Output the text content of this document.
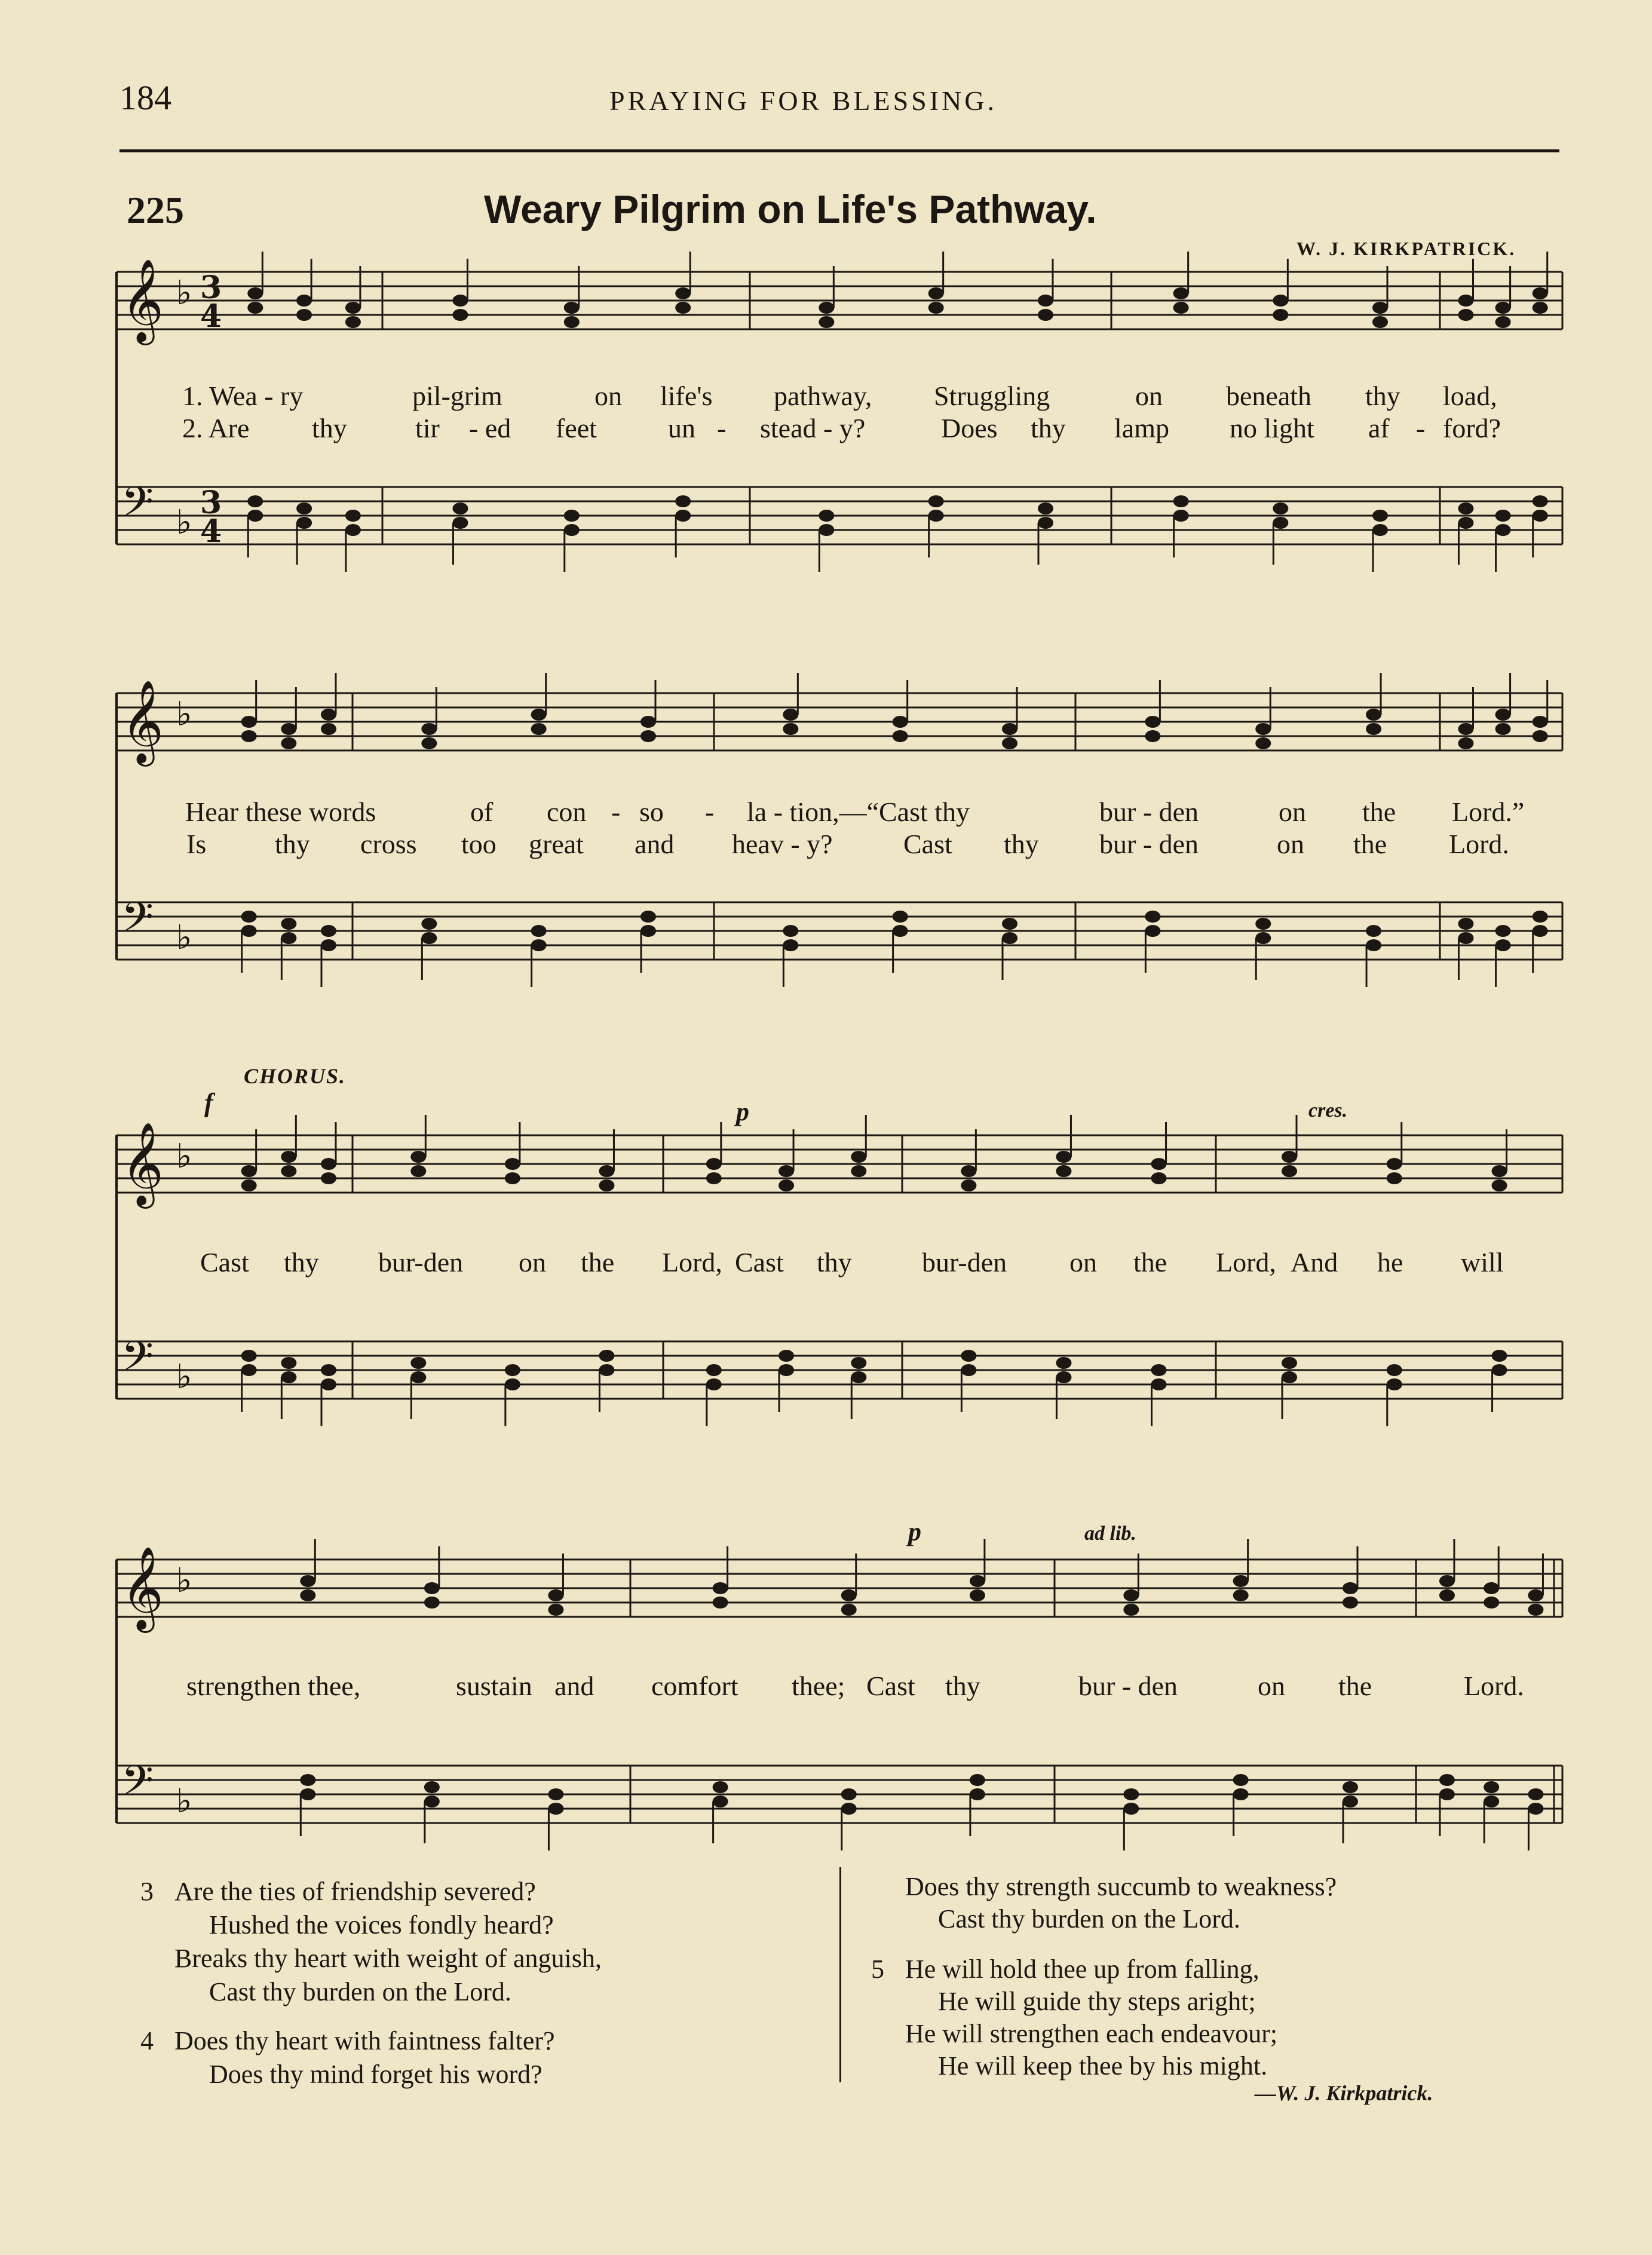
184	PRAYING FOR BLESSING.
225	Weary Pilgrim on Life's Pathway.
W. J. KIRKPATRICK.
𝄞 ♭
𝄢 ♭
3
4
3
4
𝄞 ♭
𝄢 ♭
𝄞 ♭
𝄢 ♭
𝄞 ♭
𝄢 ♭
1. Wea - ry	pil-grim	on life's pathway, Struggling	on beneath thy load,
2. Are thy tir - ed feet	un - stead - y?	Does thy lamp no light af - ford?
Hear these words	of con - so - la - tion,—“Cast thy	bur - den	on the Lord.”
Is thy cross too great and heav - y?	Cast thy bur - den	on the Lord.
CHORUS.
f	p	cres.
p	ad lib.
Cast thy bur-den on the Lord, Cast thy	bur-den on the Lord, And he will
strengthen thee,	sustain and comfort thee; Cast thy	bur - den	on the	Lord.
3 Are the ties of friendship severed?
Hushed the voices fondly heard?
Breaks thy heart with weight of anguish,
Cast thy burden on the Lord.
4 Does thy heart with faintness falter?
Does thy mind forget his word?
Does thy strength succumb to weakness?
Cast thy burden on the Lord.
5 He will hold thee up from falling,
He will guide thy steps aright;
He will strengthen each endeavour;
He will keep thee by his might.
—W. J. Kirkpatrick.
